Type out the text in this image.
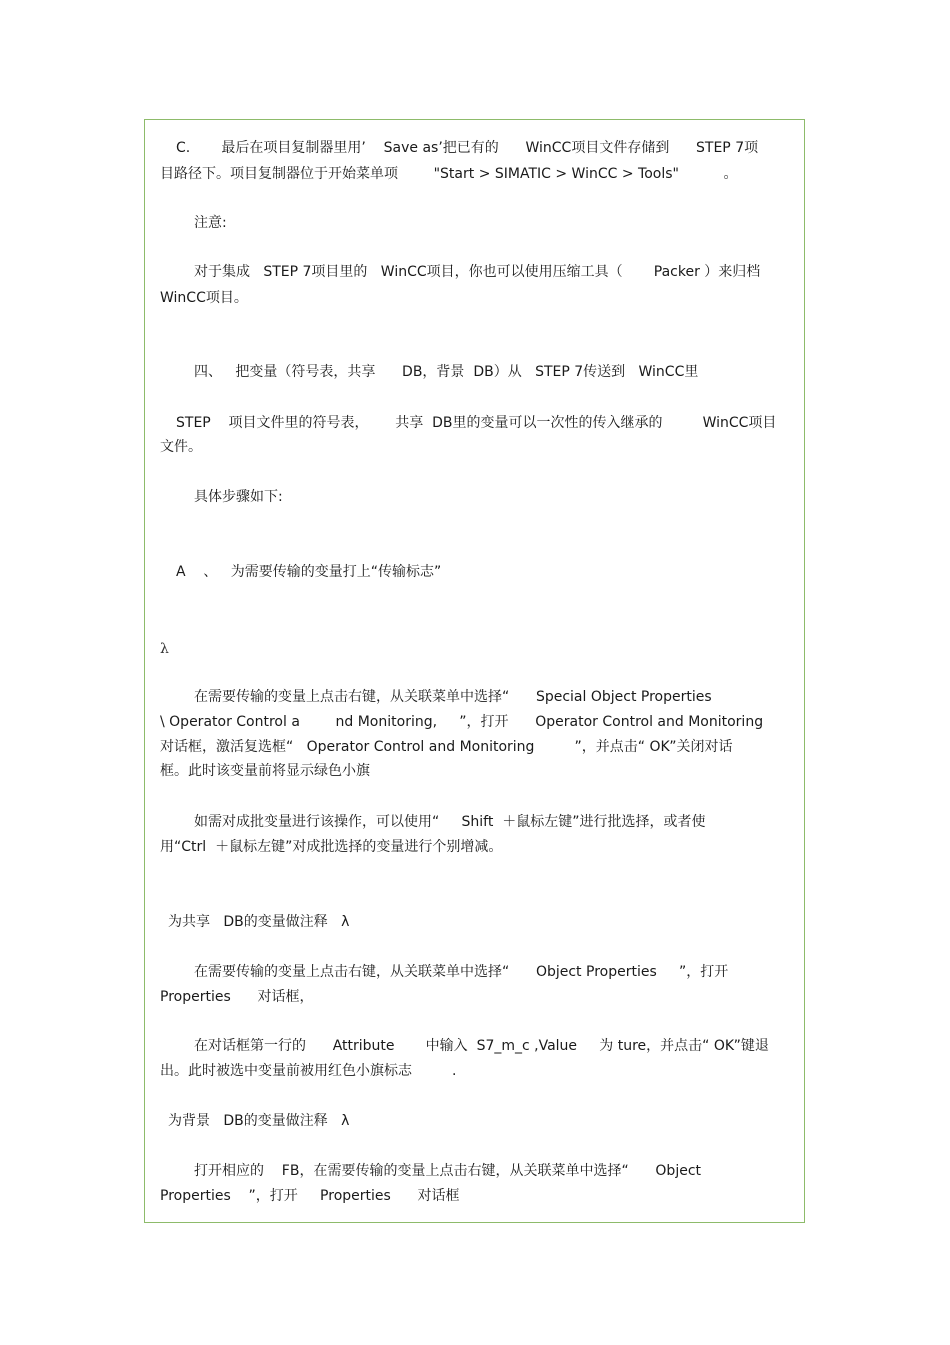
C.       最后在项目复制器里用’    Save as’把已有的      WinCC项目文件存储到      STEP 7项

目路径下。项目复制器位于开始菜单项        "Start > SIMATIC > WinCC > Tools"          。

注意:

对于集成   STEP 7项目里的   WinCC项目，你也可以使用压缩工具（       Packer ）来归档

WinCC项目。

四、   把变量（符号表，共享      DB，背景  DB）从   STEP 7传送到   WinCC里

STEP    项目文件里的符号表，      共享  DB里的变量可以一次性的传入继承的         WinCC项目

文件。

具体步骤如下:

A    、   为需要传输的变量打上“传输标志”

λ

在需要传输的变量上点击右键，从关联菜单中选择“      Special Object Properties

\ Operator Control a        nd Monitoring,     ”，打开      Operator Control and Monitoring

对话框，激活复选框“   Operator Control and Monitoring         ”，并点击“ OK”关闭对话

框。此时该变量前将显示绿色小旗

如需对成批变量进行该操作，可以使用“     Shift  ＋鼠标左键”进行批选择，或者使

用“Ctrl  ＋鼠标左键”对成批选择的变量进行个别增减。

为共享   DB的变量做注释   λ

在需要传输的变量上点击右键，从关联菜单中选择“      Object Properties     ”，打开

Properties      对话框，

在对话框第一行的      Attribute       中输入  S7_m_c ,Value     为 ture，并点击“ OK”键退

出。此时被选中变量前被用红色小旗标志         .

为背景   DB的变量做注释   λ

打开相应的    FB，在需要传输的变量上点击右键，从关联菜单中选择“      Object

Properties    ”，打开     Properties      对话框
